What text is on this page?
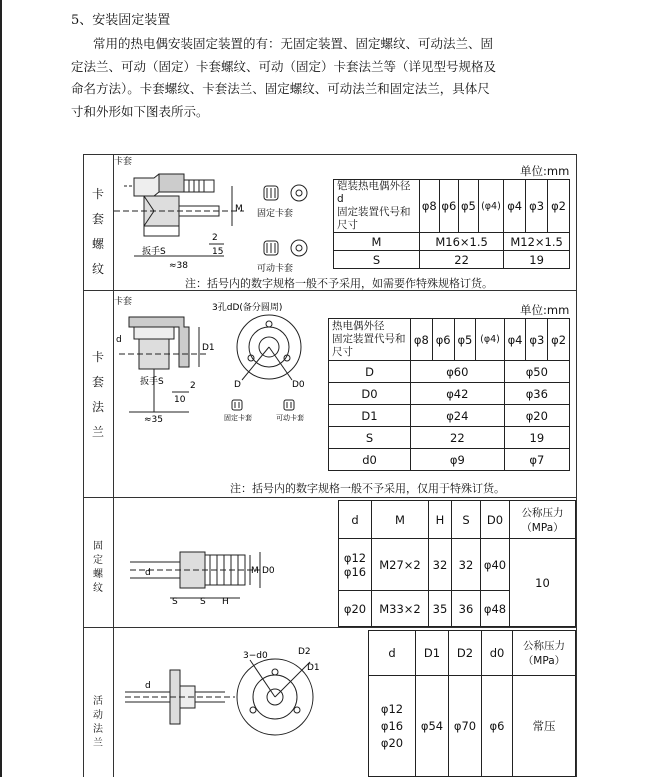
5、安装固定装置
常用的热电偶安装固定装置的有：无固定装置、固定螺纹、可动法兰、固
定法兰、可动（固定）卡套螺纹、可动（固定）卡套法兰等（详见型号规格及
命名方法）。卡套螺纹、卡套法兰、固定螺纹、可动法兰和固定法兰，具体尺
寸和外形如下图表所示。
卡
套
螺
纹
卡
套
法
兰
固
定
螺
纹
活
动
法
兰
卡套
扳手S
≈38
M
2
15
固定卡套
可动卡套
单位:mm
铠装热电偶外径 d
固定装置代号和尺寸	φ8	φ6	φ5	(φ4)	φ4	φ3	φ2
M	M16×1.5				M12×1.5		
S	22				19		
注：括号内的数字规格一般不予采用，如需要作特殊规格订货。
卡套
扳手S
d
D1
2
10
≈35
3孔dD(备分圆周)
D	D0
固定卡套	可动卡套
单位:mm
热电偶外径
固定装置代号和尺寸	φ8	φ6	φ5	(φ4)	φ4	φ3	φ2
D	φ60				φ50		
D0	φ42				φ36		
D1	φ24				φ20		
S	22				19		
d0	φ9				φ7		
注：括号内的数字规格一般不予采用，仅用于特殊订货。
d	M D0
S S H
d	M	H	S	D0	公称压力（MPa）
φ12 φ16	M27×2	32	32	φ40	10
φ20	M33×2	35	36	φ48	
3−d0	D2
D1
d
d	D1	D2	d0	公称压力（MPa）

φ12
φ16
φ20	φ54	φ70	φ6	常压
